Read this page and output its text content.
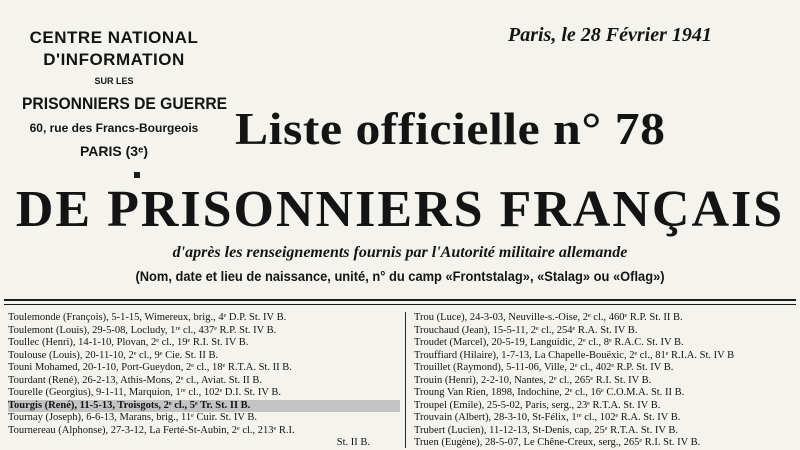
CENTRE NATIONAL
D'INFORMATION
SUR LES
PRISONNIERS DE GUERRE
60, rue des Francs-Bourgeois
PARIS (3ᵉ)
Paris, le 28 Février 1941
Liste officielle n° 78
DE PRISONNIERS FRANÇAIS
d'après les renseignements fournis par l'Autorité militaire allemande
(Nom, date et lieu de naissance, unité, n° du camp «Frontstalag», «Stalag» ou «Oflag»)
Toulemonde (François), 5-1-15, Wimereux, brig., 4ᵉ D.P. St. IV B.
Toulemont (Louis), 29-5-08, Locludy, 1ʳᵉ cl., 437ᵉ R.P. St. IV B.
Toullec (Henri), 14-1-10, Plovan, 2ᵉ cl., 19ᵉ R.I. St. IV B.
Toulouse (Louis), 20-11-10, 2ᵉ cl., 9ᵉ Cie. St. II B.
Touni Mohamed, 20-1-10, Port-Gueydon, 2ᵉ cl., 18ᵉ R.T.A. St. II B.
Tourdant (René), 26-2-13, Athis-Mons, 2ᵉ cl., Aviat. St. II B.
Tourelle (Georgius), 9-1-11, Marquion, 1ʳᵉ cl., 102ᵉ D.I. St. IV B.
Tourgis (René), 11-5-13, Troisgots, 2ᵉ cl., 5ᵉ Tr. St. II B.
Tournay (Joseph), 6-6-13, Marans, brig., 11ᵉ Cuir. St. IV B.
Tournereau (Alphonse), 27-3-12, La Ferté-St-Aubin, 2ᵉ cl., 213ᵉ R.I.
St. II B.
Trou (Luce), 24-3-03, Neuville-s.-Oise, 2ᵉ cl., 460ᵉ R.P. St. II B.
Trouchaud (Jean), 15-5-11, 2ᵉ cl., 254ᵉ R.A. St. IV B.
Troudet (Marcel), 20-5-19, Languidic, 2ᵉ cl., 8ᵉ R.A.C. St. IV B.
Trouffiard (Hilaire), 1-7-13, La Chapelle-Bouëxic, 2ᵉ cl., 81ᵉ R.I.A. St. IV B
Trouillet (Raymond), 5-11-06, Ville, 2ᵉ cl., 402ᵉ R.P. St. IV B.
Trouin (Henri), 2-2-10, Nantes, 2ᵉ cl., 265ᵉ R.I. St. IV B.
Troung Van Rien, 1898, Indochine, 2ᵉ cl., 16ᵉ C.O.M.A. St. II B.
Troupel (Emile), 25-5-02, Paris, serg., 23ᵉ R.T.A. St. IV B.
Trouvain (Albert), 28-3-10, St-Félix, 1ʳᵉ cl., 102ᵉ R.A. St. IV B.
Trubert (Lucien), 11-12-13, St-Denis, cap, 25ᵉ R.T.A. St. IV B.
Truen (Eugène), 28-5-07, Le Chêne-Creux, serg., 265ᵉ R.I. St. IV B.
